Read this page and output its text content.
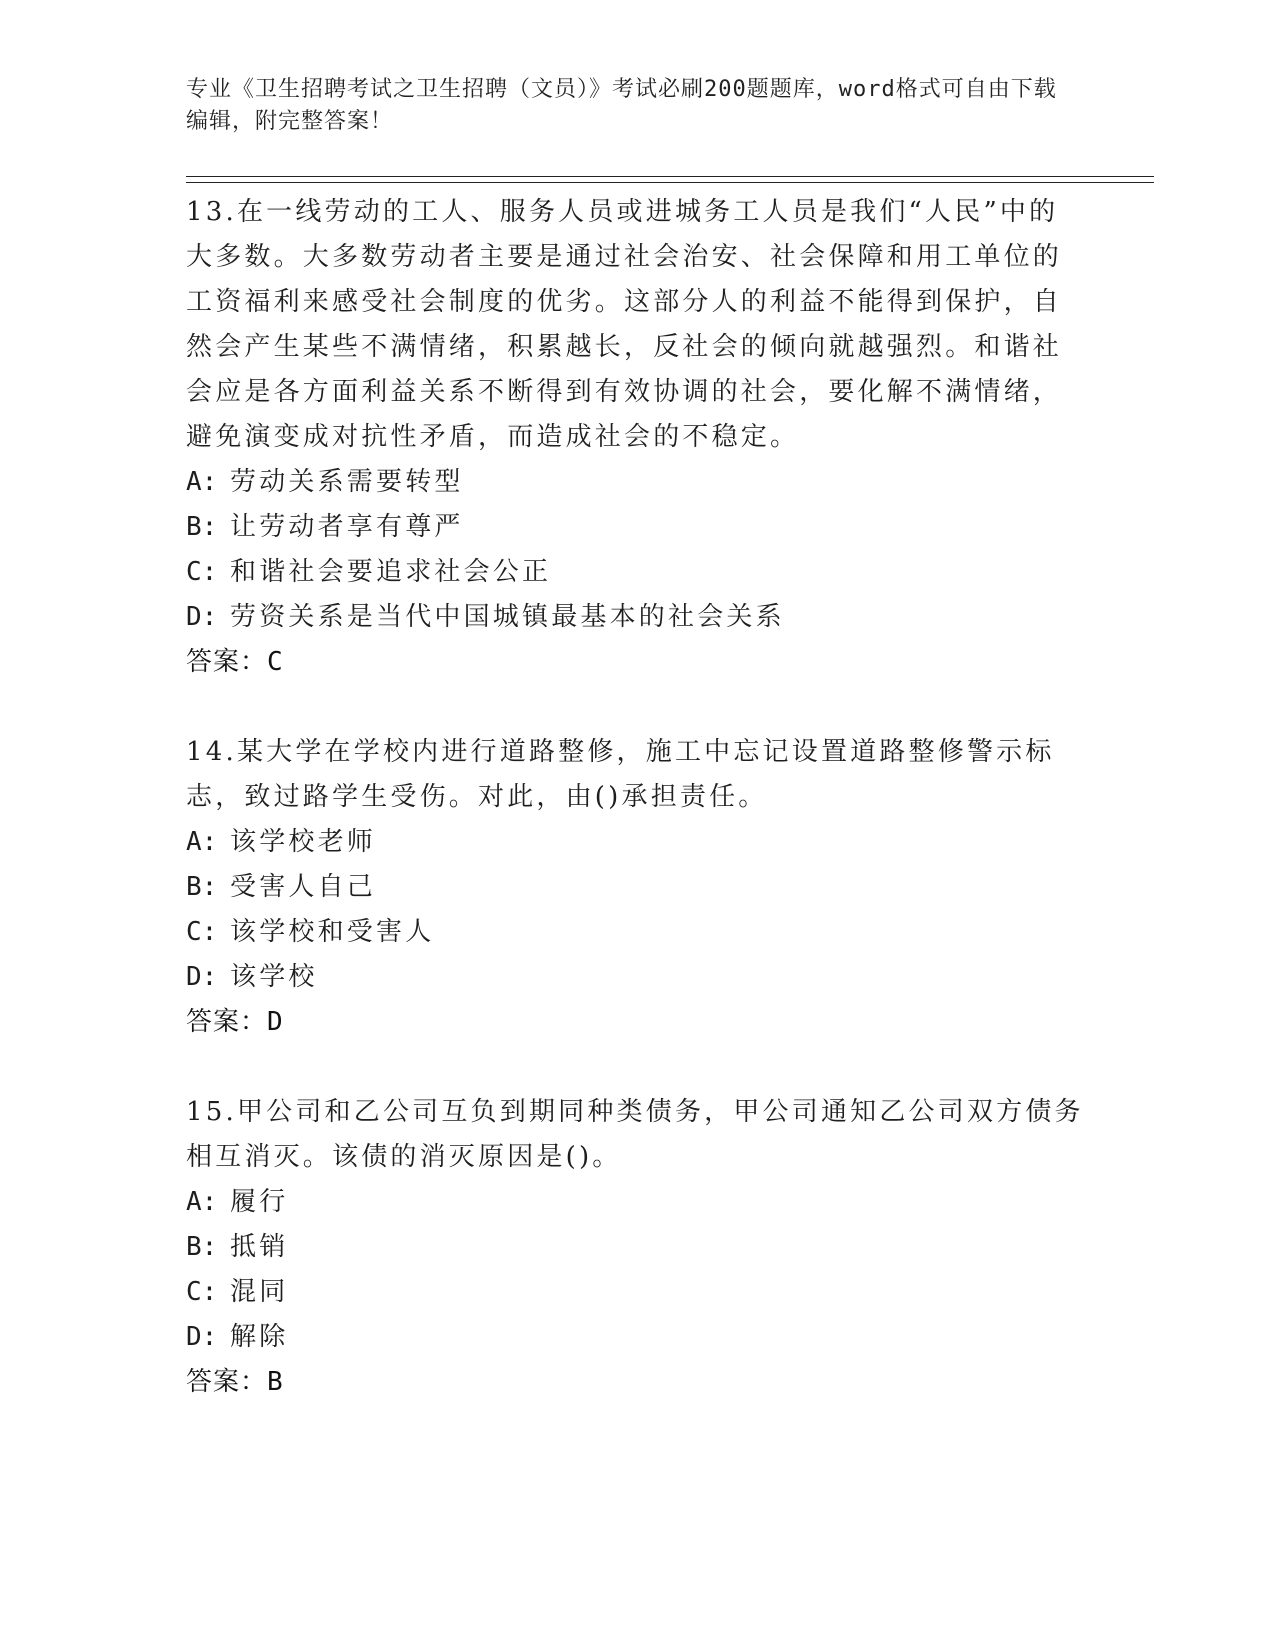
专业《卫生招聘考试之卫生招聘（文员）》考试必刷200题题库，word格式可自由下载编辑，附完整答案！
13.在一线劳动的工人、服务人员或进城务工人员是我们“人民”中的大多数。大多数劳动者主要是通过社会治安、社会保障和用工单位的工资福利来感受社会制度的优劣。这部分人的利益不能得到保护，自然会产生某些不满情绪，积累越长，反社会的倾向就越强烈。和谐社会应是各方面利益关系不断得到有效协调的社会，要化解不满情绪，避免演变成对抗性矛盾，而造成社会的不稳定。
A: 劳动关系需要转型
B: 让劳动者享有尊严
C: 和谐社会要追求社会公正
D: 劳资关系是当代中国城镇最基本的社会关系
答案：C
14.某大学在学校内进行道路整修，施工中忘记设置道路整修警示标志，致过路学生受伤。对此，由()承担责任。
A: 该学校老师
B: 受害人自己
C: 该学校和受害人
D: 该学校
答案：D
15.甲公司和乙公司互负到期同种类债务，甲公司通知乙公司双方债务相互消灭。该债的消灭原因是()。
A: 履行
B: 抵销
C: 混同
D: 解除
答案：B
